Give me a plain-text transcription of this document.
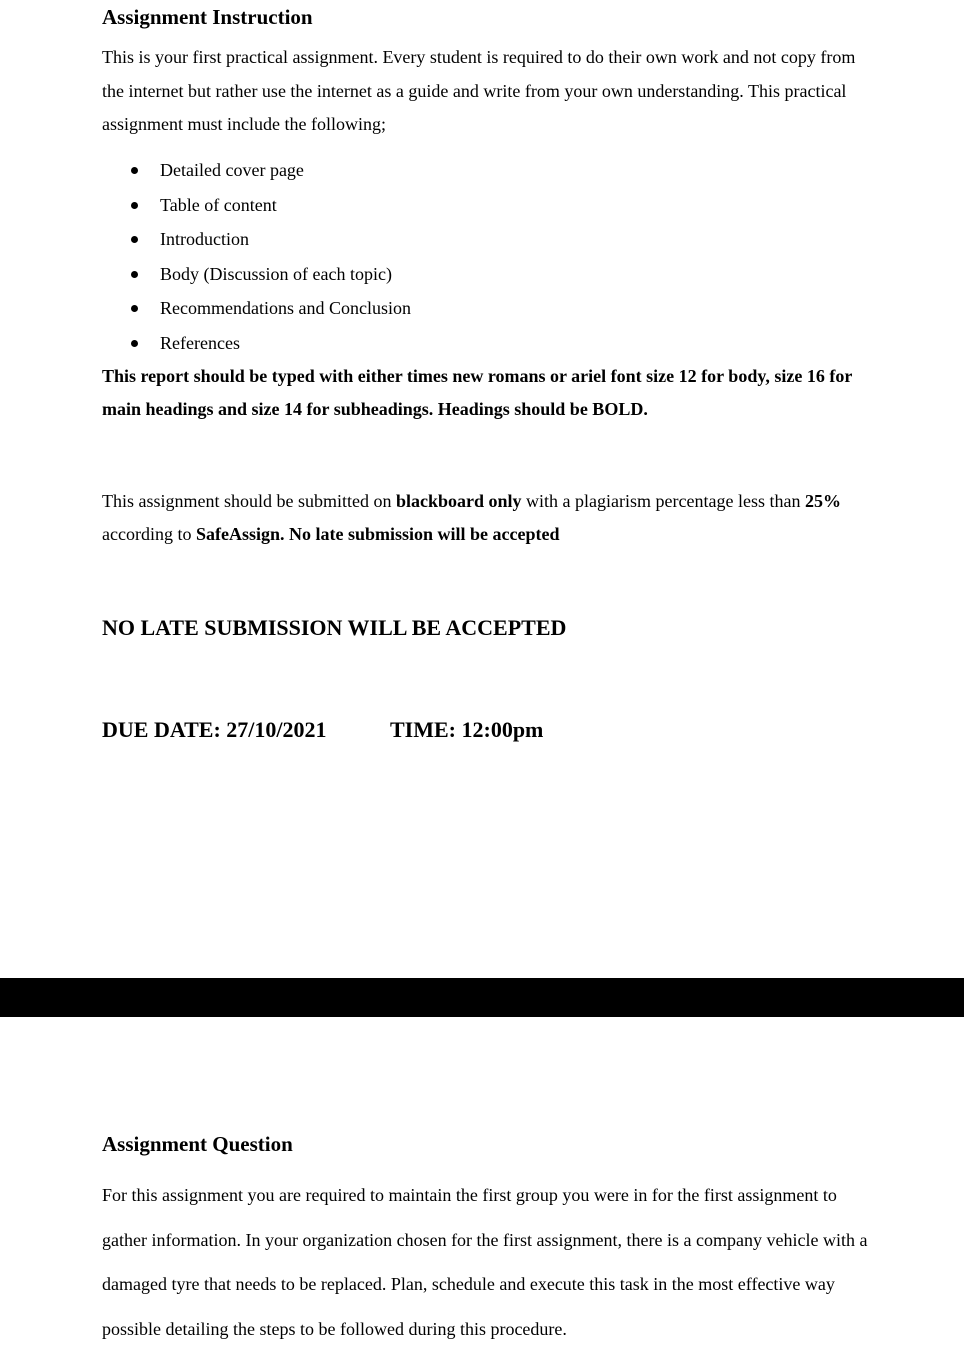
Assignment Instruction

This is your first practical assignment. Every student is required to do their own work and not copy from the internet but rather use the internet as a guide and write from your own understanding. This practical assignment must include the following;

Detailed cover page
Table of content
Introduction
Body (Discussion of each topic)
Recommendations and Conclusion
References

This report should be typed with either times new romans or ariel font size 12 for body, size 16 for main headings and size 14 for subheadings. Headings should be BOLD.

This assignment should be submitted on blackboard only with a plagiarism percentage less than 25% according to SafeAssign. No late submission will be accepted

NO LATE SUBMISSION WILL BE ACCEPTED
DUE DATE: 27/10/2021	TIME: 12:00pm
Assignment Question

For this assignment you are required to maintain the first group you were in for the first assignment to gather information. In your organization chosen for the first assignment, there is a company vehicle with a damaged tyre that needs to be replaced. Plan, schedule and execute this task in the most effective way possible detailing the steps to be followed during this procedure.
